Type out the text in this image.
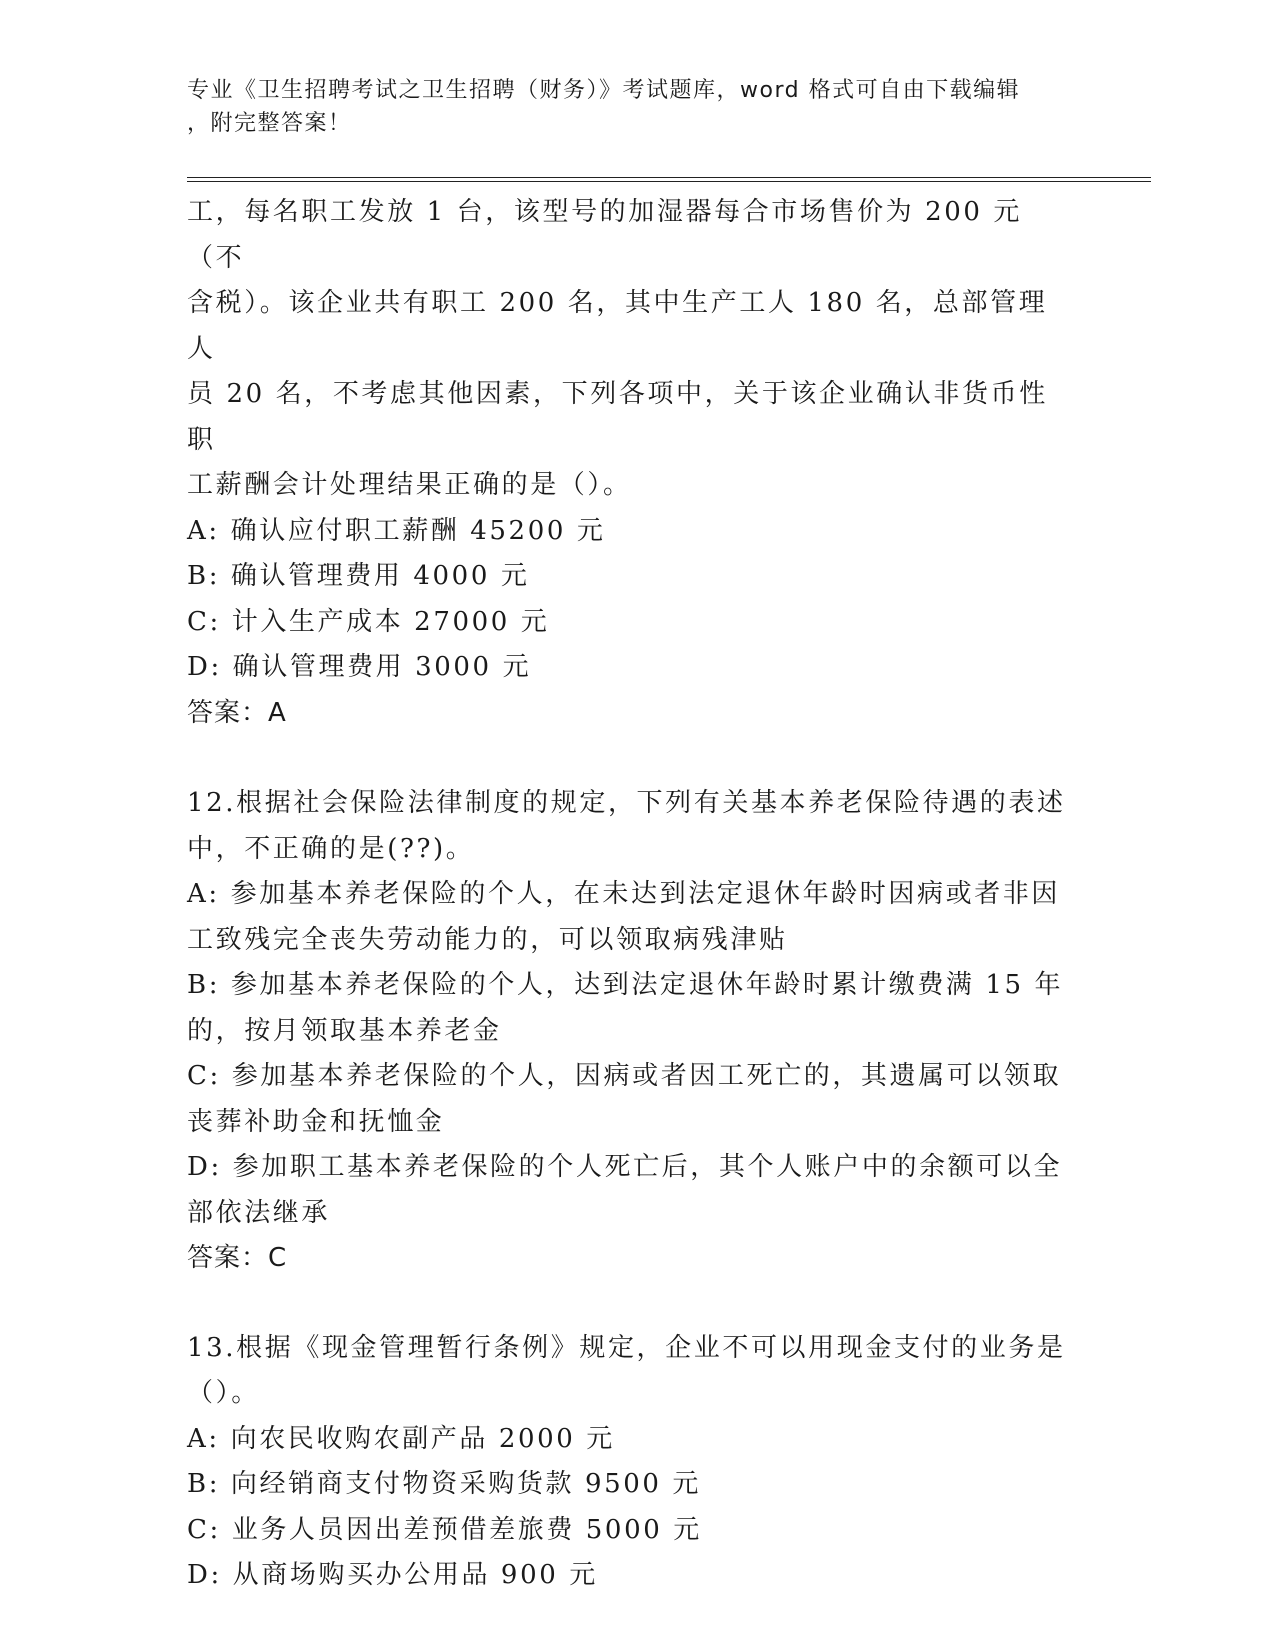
专业《卫生招聘考试之卫生招聘（财务）》考试题库，word 格式可自由下载编辑
，附完整答案！

工，每名职工发放 1 台，该型号的加湿器每合市场售价为 200 元（不

含税）。该企业共有职工 200 名，其中生产工人 180 名，总部管理人

员 20 名，不考虑其他因素，下列各项中，关于该企业确认非货币性职

工薪酬会计处理结果正确的是（）。

A: 确认应付职工薪酬 45200 元

B: 确认管理费用 4000 元

C: 计入生产成本 27000 元

D: 确认管理费用 3000 元

答案：A

12.根据社会保险法律制度的规定，下列有关基本养老保险待遇的表述

中，不正确的是(??)。

A: 参加基本养老保险的个人，在未达到法定退休年龄时因病或者非因

工致残完全丧失劳动能力的，可以领取病残津贴

B: 参加基本养老保险的个人，达到法定退休年龄时累计缴费满 15 年

的，按月领取基本养老金

C: 参加基本养老保险的个人，因病或者因工死亡的，其遗属可以领取

丧葬补助金和抚恤金

D: 参加职工基本养老保险的个人死亡后，其个人账户中的余额可以全

部依法继承

答案：C

13.根据《现金管理暂行条例》规定，企业不可以用现金支付的业务是

（）。

A: 向农民收购农副产品 2000 元

B: 向经销商支付物资采购货款 9500 元

C: 业务人员因出差预借差旅费 5000 元

D: 从商场购买办公用品 900 元
